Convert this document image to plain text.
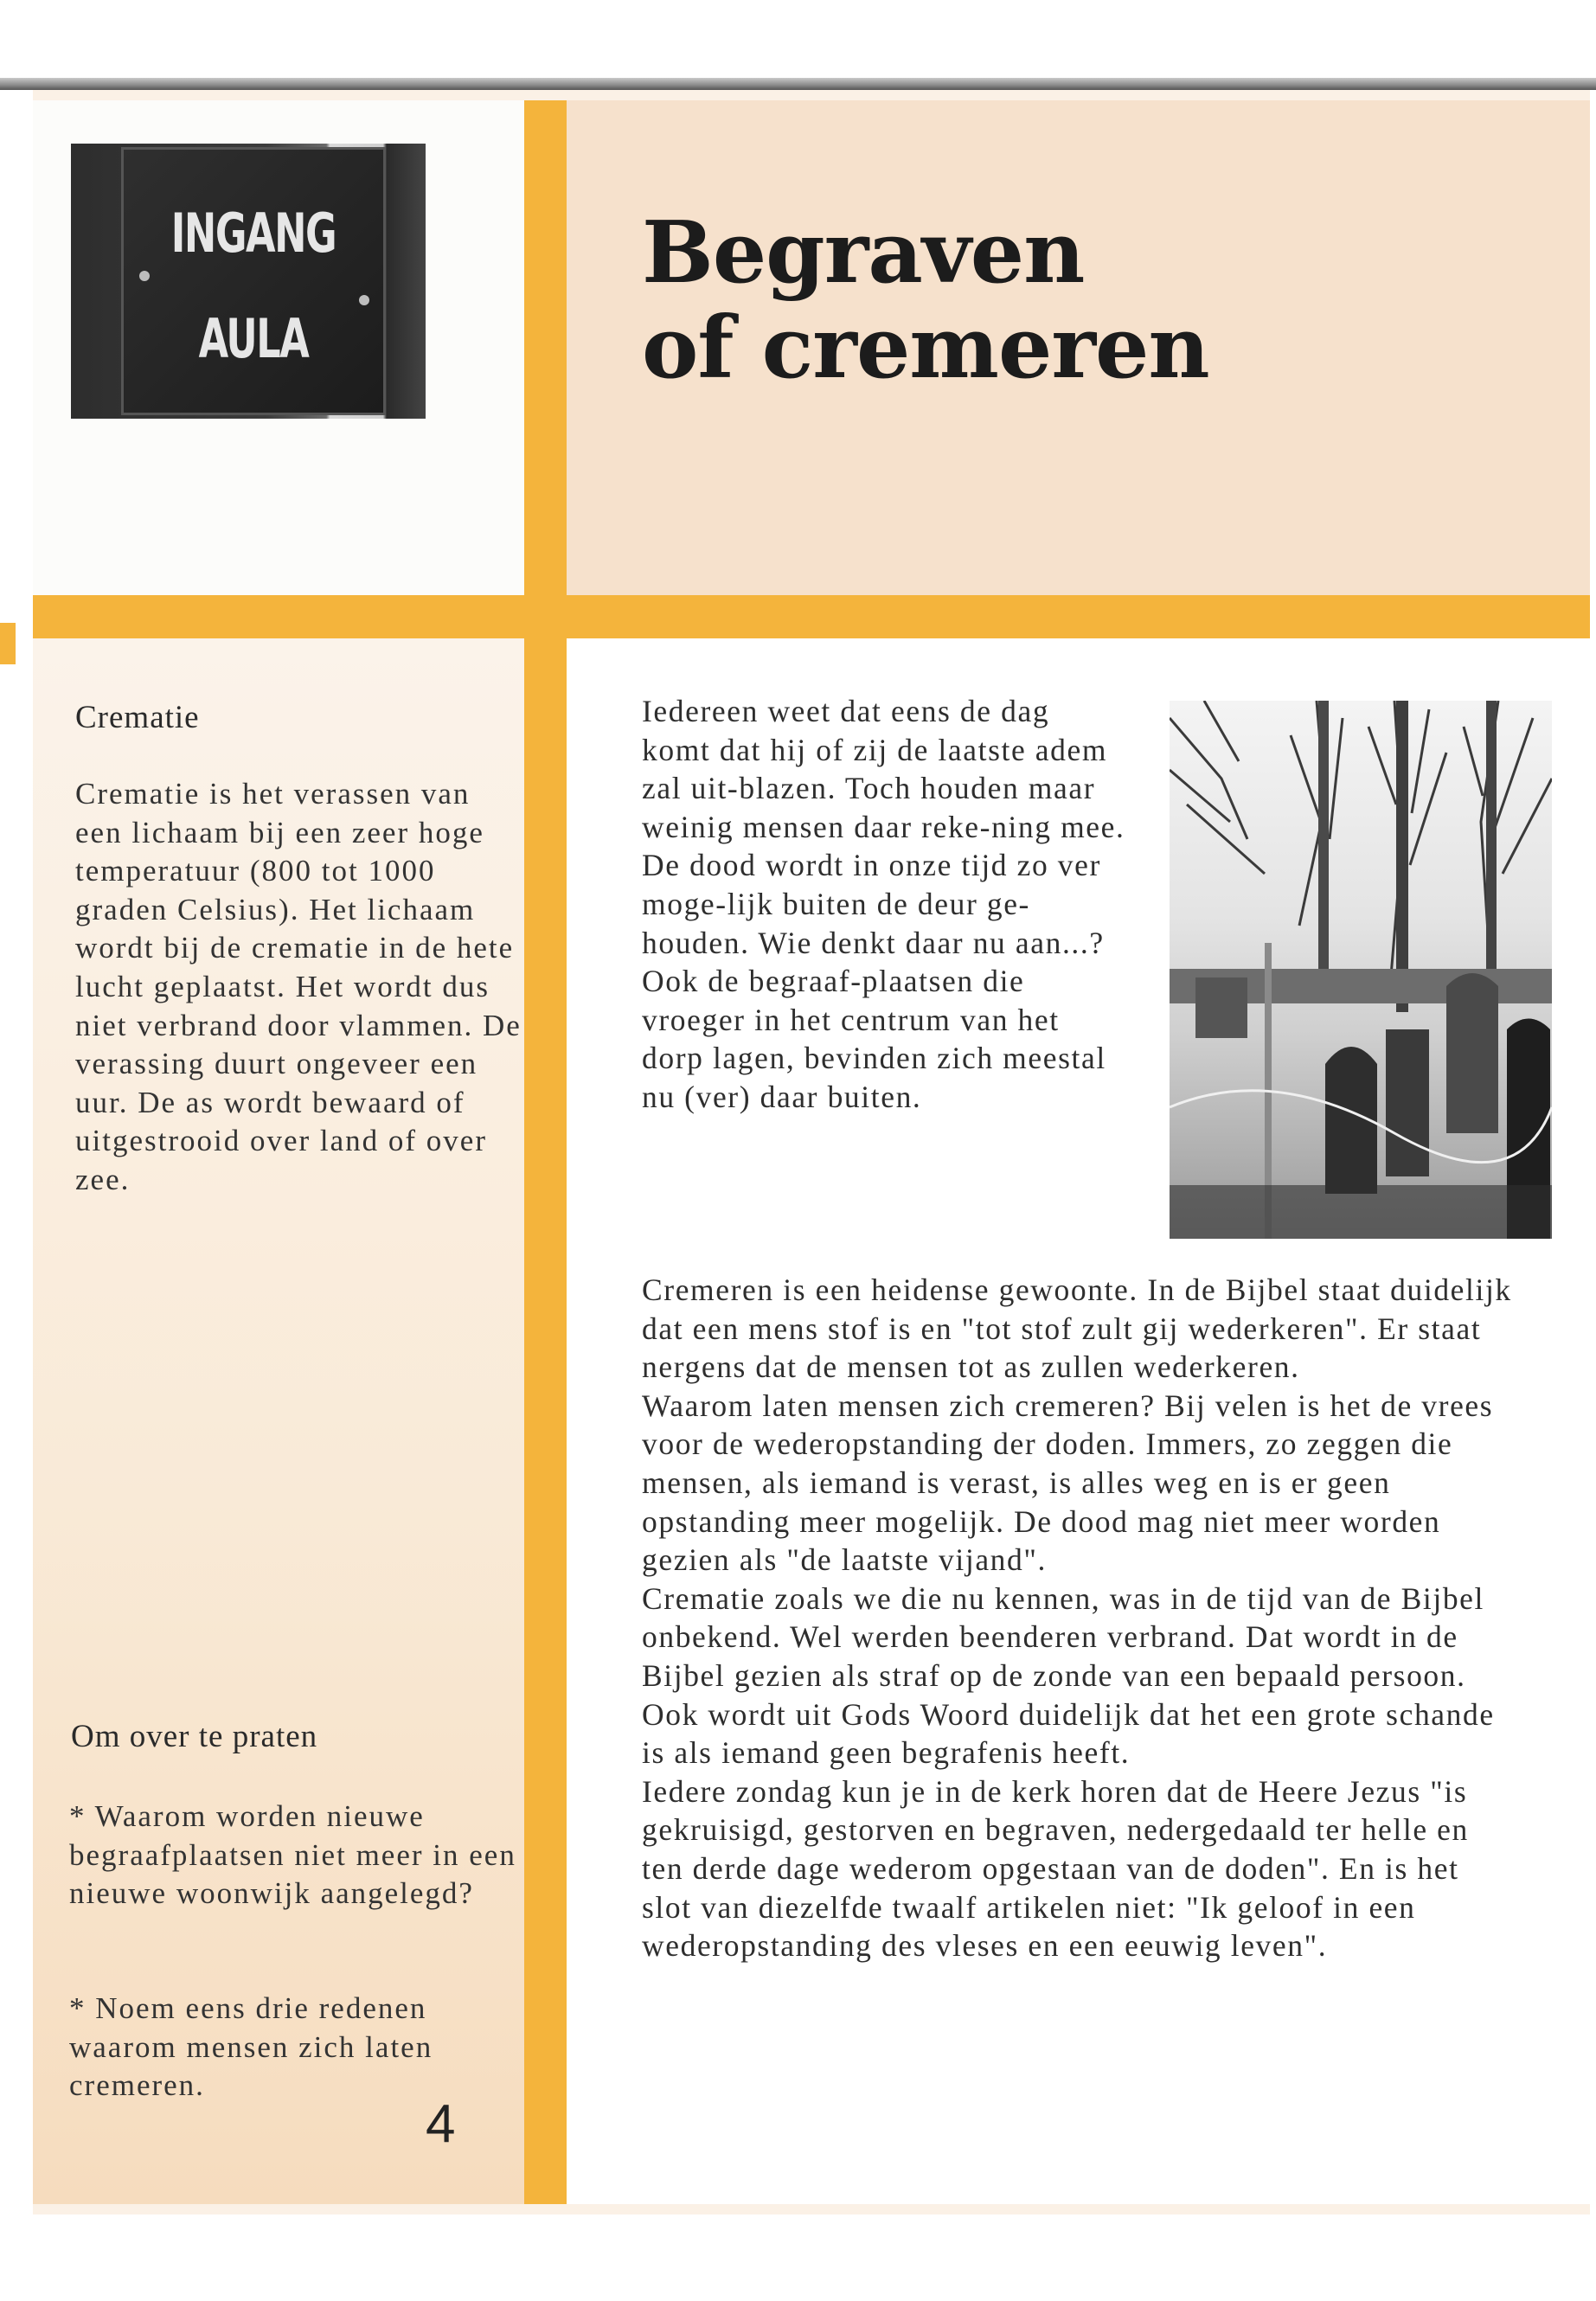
INGANG
AULA
Begraven
of cremeren
Crematie

Crematie is het verassen van een lichaam bij een zeer hoge temperatuur (800 tot 1000 graden Celsius). Het lichaam wordt bij de crematie in de hete lucht geplaatst. Het wordt dus niet verbrand door vlammen. De verassing duurt ongeveer een uur. De as wordt bewaard of uitgestrooid over land of over zee.

Om over te praten

* Waarom worden nieuwe begraafplaatsen niet meer in een nieuwe woonwijk aangelegd?

* Noem eens drie redenen waarom mensen zich laten cremeren.

4

Iedereen weet dat eens de dag komt dat hij of zij de laatste adem zal uit-blazen. Toch houden maar weinig mensen daar reke-ning mee. De dood wordt in onze tijd zo ver moge-lijk buiten de deur ge-houden. Wie denkt daar nu aan...? Ook de begraaf-plaatsen die vroeger in het centrum van het dorp lagen, bevinden zich meestal nu (ver) daar buiten.

Cremeren is een heidense gewoonte. In de Bijbel staat duidelijk dat een mens stof is en "tot stof zult gij wederkeren". Er staat nergens dat de mensen tot as zullen wederkeren.

Waarom laten mensen zich cremeren? Bij velen is het de vrees voor de wederopstanding der doden. Immers, zo zeggen die mensen, als iemand is verast, is alles weg en is er geen opstanding meer mogelijk. De dood mag niet meer worden gezien als "de laatste vijand".

Crematie zoals we die nu kennen, was in de tijd van de Bijbel onbekend. Wel werden beenderen verbrand. Dat wordt in de Bijbel gezien als straf op de zonde van een bepaald persoon. Ook wordt uit Gods Woord duidelijk dat het een grote schande is als iemand geen begrafenis heeft.

Iedere zondag kun je in de kerk horen dat de Heere Jezus "is gekruisigd, gestorven en begraven, nedergedaald ter helle en ten derde dage wederom opgestaan van de doden". En is het slot van diezelfde twaalf artikelen niet: "Ik geloof in een wederopstanding des vleses en een eeuwig leven".
